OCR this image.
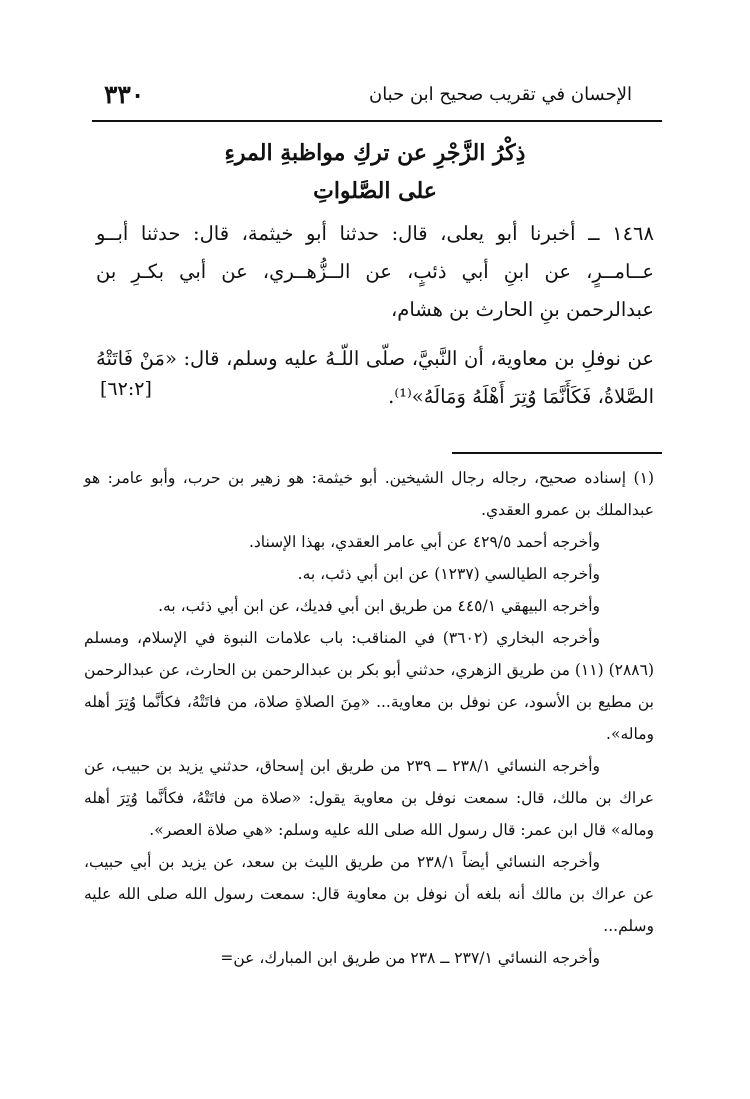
٣٣٠	الإحسان في تقريب صحيح ابن حبان
ذِكْرُ الزَّجْرِ عن تركِ مواظبةِ المرءِ
على الصَّلواتِ
١٤٦٨ ــ أخبرنا أبو يعلى، قال: حدثنا أبو خيثمة، قال: حدثنا أبــو عــامــرٍ، عن ابنِ أبي ذئبٍ، عن الــزُّهــري، عن أبي بكـرِ بن عبدالرحمن بنِ الحارث بن هشام،
عن نوفلِ بن معاوية، أن النَّبيَّ، صلّى اللّـهُ عليه وسلم، قال: «مَنْ فَاتَتْهُ الصَّلاةُ، فَكَأَنَّمَا وُتِرَ أَهْلَهُ وَمَالَهُ»⁽¹⁾.
[٦٢:٢]

(١) إسناده صحيح، رجاله رجال الشيخين. أبو خيثمة: هو زهير بن حرب، وأبو عامر: هو عبدالملك بن عمرو العقدي.

وأخرجه أحمد ٤٢٩/٥ عن أبي عامر العقدي، بهذا الإسناد.

وأخرجه الطيالسي (١٢٣٧) عن ابن أبي ذئب، به.

وأخرجه البيهقي ٤٤٥/١ من طريق ابن أبي فديك، عن ابن أبي ذئب، به.

وأخرجه البخاري (٣٦٠٢) في المناقب: باب علامات النبوة في الإسلام، ومسلم (٢٨٨٦) (١١) من طريق الزهري، حدثني أبو بكر بن عبدالرحمن بن الحارث، عن عبدالرحمن بن مطيع بن الأسود، عن نوفل بن معاوية... «مِنَ الصلاةِ صلاة، من فاتَتْهُ، فكأنَّما وُتِرَ أهله وماله».

وأخرجه النسائي ٢٣٨/١ ــ ٢٣٩ من طريق ابن إسحاق، حدثني يزيد بن حبيب، عن عراك بن مالك، قال: سمعت نوفل بن معاوية يقول: «صلاة من فاتَتْهُ، فكأنَّما وُتِرَ أهله وماله» قال ابن عمر: قال رسول الله صلى الله عليه وسلم: «هي صلاة العصر».

وأخرجه النسائي أيضاً ٢٣٨/١ من طريق الليث بن سعد، عن يزيد بن أبي حبيب، عن عراك بن مالك أنه بلغه أن نوفل بن معاوية قال: سمعت رسول الله صلى الله عليه وسلم...

وأخرجه النسائي ٢٣٧/١ ــ ٢٣٨ من طريق ابن المبارك، عن=
